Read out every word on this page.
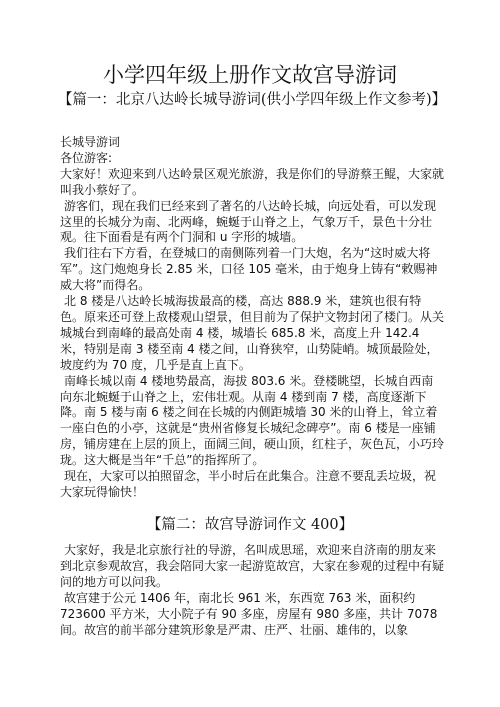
小学四年级上册作文故宫导游词
【篇一：北京八达岭长城导游词(供小学四年级上作文参考)】

长城导游词

各位游客:

大家好！欢迎来到八达岭景区观光旅游，我是你们的导游蔡王鲲，大家就叫我小蔡好了。

游客们，现在我们已经来到了著名的八达岭长城，向远处看，可以发现这里的长城分为南、北两峰，蜿蜒于山脊之上，气象万千，景色十分壮观。往下面看是有两个门洞和 u 字形的城墙。

我们往右下方看，在登城口的南侧陈列着一门大炮，名为“这时威大将军”。这门炮炮身长 2.85 米，口径 105 毫米，由于炮身上铸有“敕赐神威大将”而得名。

北 8 楼是八达岭长城海拔最高的楼，高达 888.9 米，建筑也很有特色。原来还可登上敌楼观山望景，但目前为了保护文物封闭了楼门。从关城城台到南峰的最高处南 4 楼，城墙长 685.8 米，高度上升 142.4 米，特别是南 3 楼至南 4 楼之间，山脊狭窄，山势陡峭。城顶最险处，坡度约为 70 度，几乎是直上直下。

南峰长城以南 4 楼地势最高，海拔 803.6 米。登楼眺望，长城自西南向东北蜿蜒于山脊之上，宏伟壮观。从南 4 楼到南 7 楼，高度逐渐下降。南 5 楼与南 6 楼之间在长城的内侧距城墙 30 米的山脊上，耸立着一座白色的小亭，这就是“贵州省修复长城纪念碑亭”。南 6 楼是一座铺房，铺房建在上层的顶上，面阔三间，硬山顶，红柱子，灰色瓦，小巧玲珑。这大概是当年“千总”的指挥所了。

现在，大家可以拍照留念，半小时后在此集合。注意不要乱丢垃圾，祝大家玩得愉快！

【篇二：故宫导游词作文 400】

大家好，我是北京旅行社的导游，名叫成思瑶，欢迎来自济南的朋友来到北京参观故宫，我会陪同大家一起游览故宫，大家在参观的过程中有疑问的地方可以问我。

故宫建于公元 1406 年，南北长 961 米，东西宽 763 米，面积约 723600 平方米，大小院子有 90 多座，房屋有 980 多座，共计 7078 间。故宫的前半部分建筑形象是严肃、庄严、壮丽、雄伟的，以象
